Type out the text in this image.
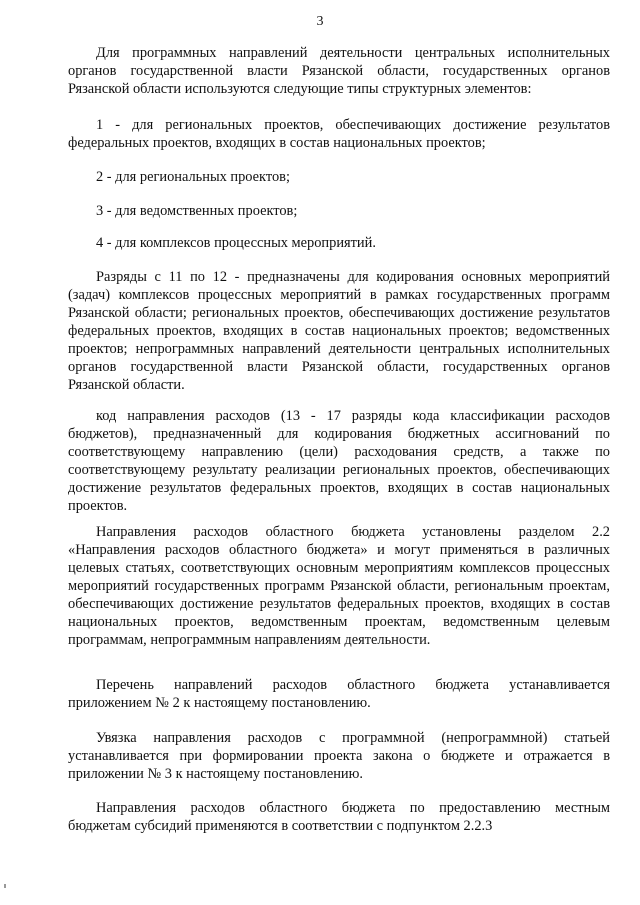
3

Для программных направлений деятельности центральных исполнительных органов государственной власти Рязанской области, государственных органов Рязанской области используются следующие типы структурных элементов:

1 - для региональных проектов, обеспечивающих достижение результатов федеральных проектов, входящих в состав национальных проектов;

2 - для региональных проектов;

3 - для ведомственных проектов;

4 - для комплексов процессных мероприятий.

Разряды с 11 по 12 - предназначены для кодирования основных мероприятий (задач) комплексов процессных мероприятий в рамках государственных программ Рязанской области; региональных проектов, обеспечивающих достижение результатов федеральных проектов, входящих в состав национальных проектов; ведомственных проектов; непрограммных направлений деятельности центральных исполнительных органов государственной власти Рязанской области, государственных органов Рязанской области.

код направления расходов (13 - 17 разряды кода классификации расходов бюджетов), предназначенный для кодирования бюджетных ассигнований по соответствующему направлению (цели) расходования средств, а также по соответствующему результату реализации региональных проектов, обеспечивающих достижение результатов федеральных проектов, входящих в состав национальных проектов.

Направления расходов областного бюджета установлены разделом 2.2 «Направления расходов областного бюджета» и могут применяться в различных целевых статьях, соответствующих основным мероприятиям комплексов процессных мероприятий государственных программ Рязанской области, региональным проектам, обеспечивающих достижение результатов федеральных проектов, входящих в состав национальных проектов, ведомственным проектам, ведомственным целевым программам, непрограммным направлениям деятельности.

Перечень направлений расходов областного бюджета устанавливается приложением № 2 к настоящему постановлению.

Увязка направления расходов с программной (непрограммной) статьей устанавливается при формировании проекта закона о бюджете и отражается в приложении № 3 к настоящему постановлению.

Направления расходов областного бюджета по предоставлению местным бюджетам субсидий применяются в соответствии с подпунктом 2.2.3
